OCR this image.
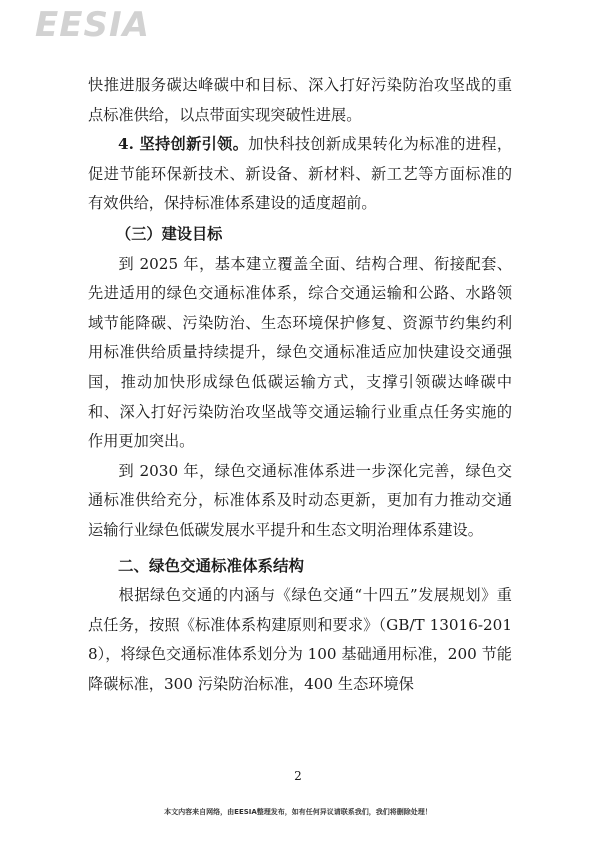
EESIA

快推进服务碳达峰碳中和目标、深入打好污染防治攻坚战的重点标准供给，以点带面实现突破性进展。

4. 坚持创新引领。加快科技创新成果转化为标准的进程，促进节能环保新技术、新设备、新材料、新工艺等方面标准的有效供给，保持标准体系建设的适度超前。

（三）建设目标

到 2025 年，基本建立覆盖全面、结构合理、衔接配套、先进适用的绿色交通标准体系，综合交通运输和公路、水路领域节能降碳、污染防治、生态环境保护修复、资源节约集约利用标准供给质量持续提升，绿色交通标准适应加快建设交通强国，推动加快形成绿色低碳运输方式，支撑引领碳达峰碳中和、深入打好污染防治攻坚战等交通运输行业重点任务实施的作用更加突出。

到 2030 年，绿色交通标准体系进一步深化完善，绿色交通标准供给充分，标准体系及时动态更新，更加有力推动交通运输行业绿色低碳发展水平提升和生态文明治理体系建设。

二、绿色交通标准体系结构

根据绿色交通的内涵与《绿色交通“十四五”发展规划》重点任务，按照《标准体系构建原则和要求》（GB/T 13016-2018），将绿色交通标准体系划分为 100 基础通用标准，200 节能降碳标准，300 污染防治标准，400 生态环境保

2
本文内容来自网络，由EESIA整理发布，如有任何异议请联系我们，我们将删除处理！
